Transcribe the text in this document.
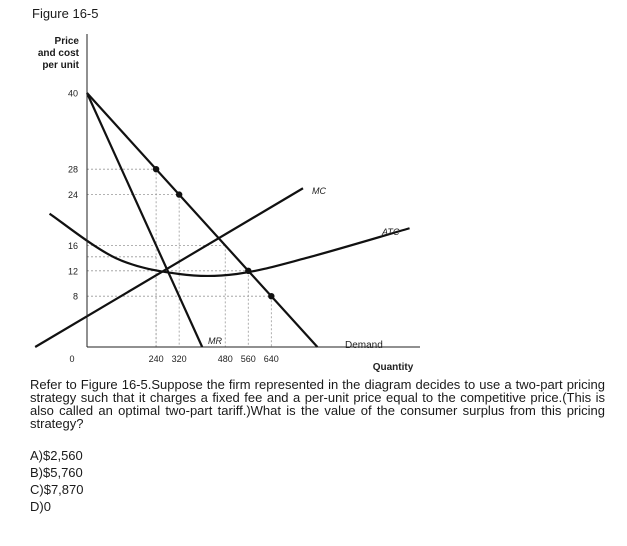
Figure 16-5
Price
and cost
per unit
40
28
24
16
12
8
240 320	480 560 640
0
Quantity
Demand
MR
MC
ATC

Refer to Figure 16-5.Suppose the firm represented in the diagram decides to use a two-part pricing strategy such that it charges a fixed fee and a per-unit price equal to the competitive price.(This is also called an optimal two-part tariff.)What is the value of the consumer surplus from this pricing strategy?

A)$2,560
B)$5,760
C)$7,870
D)0
